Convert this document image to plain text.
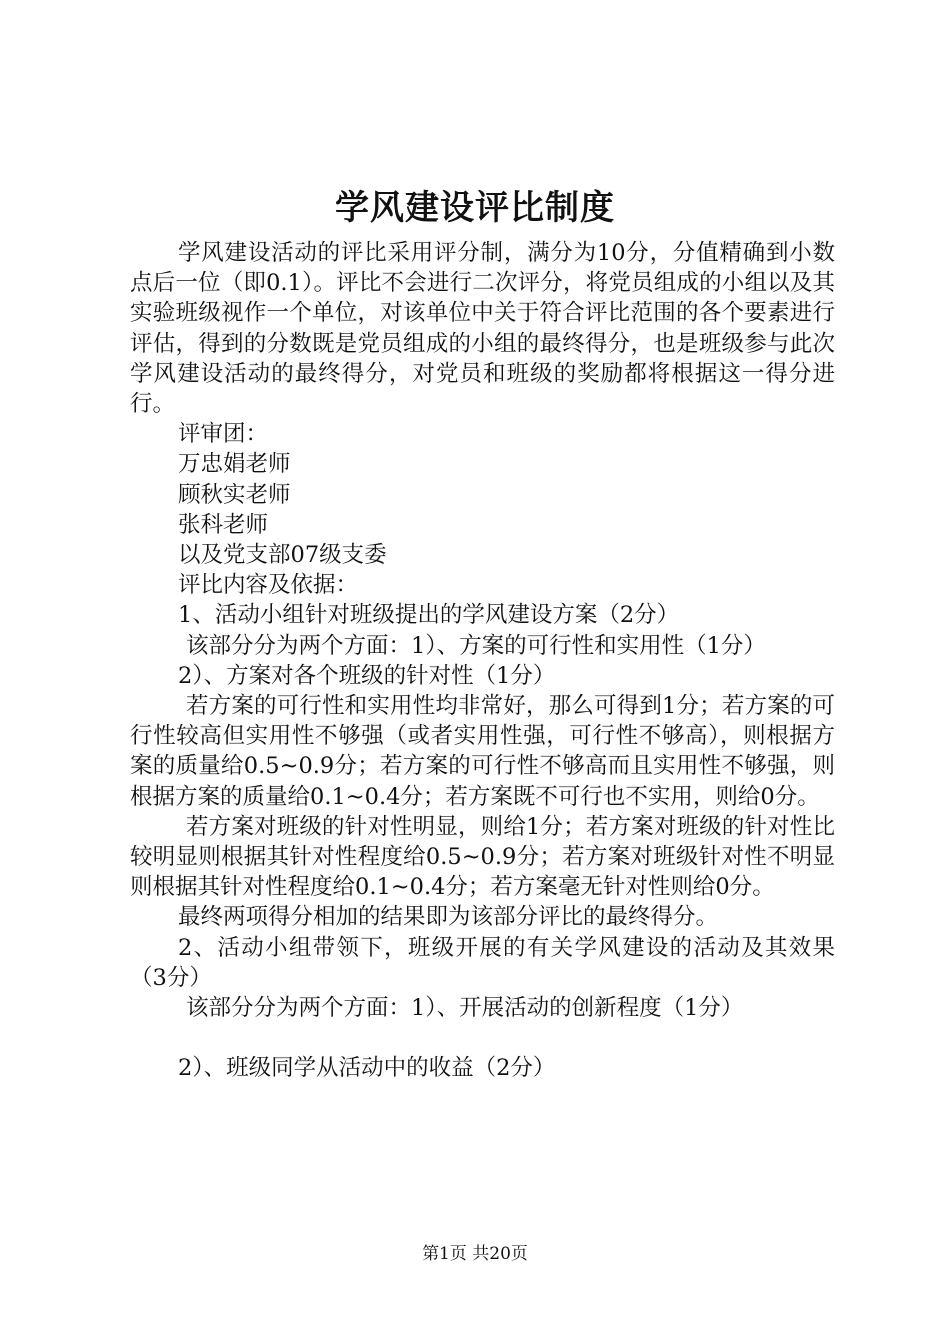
学风建设评比制度

学风建设活动的评比采用评分制，满分为10分，分值精确到小数点后一位（即0.1）。评比不会进行二次评分，将党员组成的小组以及其实验班级视作一个单位，对该单位中关于符合评比范围的各个要素进行评估，得到的分数既是党员组成的小组的最终得分，也是班级参与此次学风建设活动的最终得分，对党员和班级的奖励都将根据这一得分进行。

评审团：

万忠娟老师

顾秋实老师

张科老师

以及党支部07级支委

评比内容及依据：

1、活动小组针对班级提出的学风建设方案（2分）

该部分分为两个方面：1）、方案的可行性和实用性（1分）

2）、方案对各个班级的针对性（1分）

若方案的可行性和实用性均非常好，那么可得到1分；若方案的可行性较高但实用性不够强（或者实用性强，可行性不够高），则根据方案的质量给0.5~0.9分；若方案的可行性不够高而且实用性不够强，则根据方案的质量给0.1~0.4分；若方案既不可行也不实用，则给0分。

若方案对班级的针对性明显，则给1分；若方案对班级的针对性比较明显则根据其针对性程度给0.5~0.9分；若方案对班级针对性不明显则根据其针对性程度给0.1~0.4分；若方案毫无针对性则给0分。

最终两项得分相加的结果即为该部分评比的最终得分。

2、活动小组带领下，班级开展的有关学风建设的活动及其效果（3分）

该部分分为两个方面：1）、开展活动的创新程度（1分）

2）、班级同学从活动中的收益（2分）

第1页 共20页
